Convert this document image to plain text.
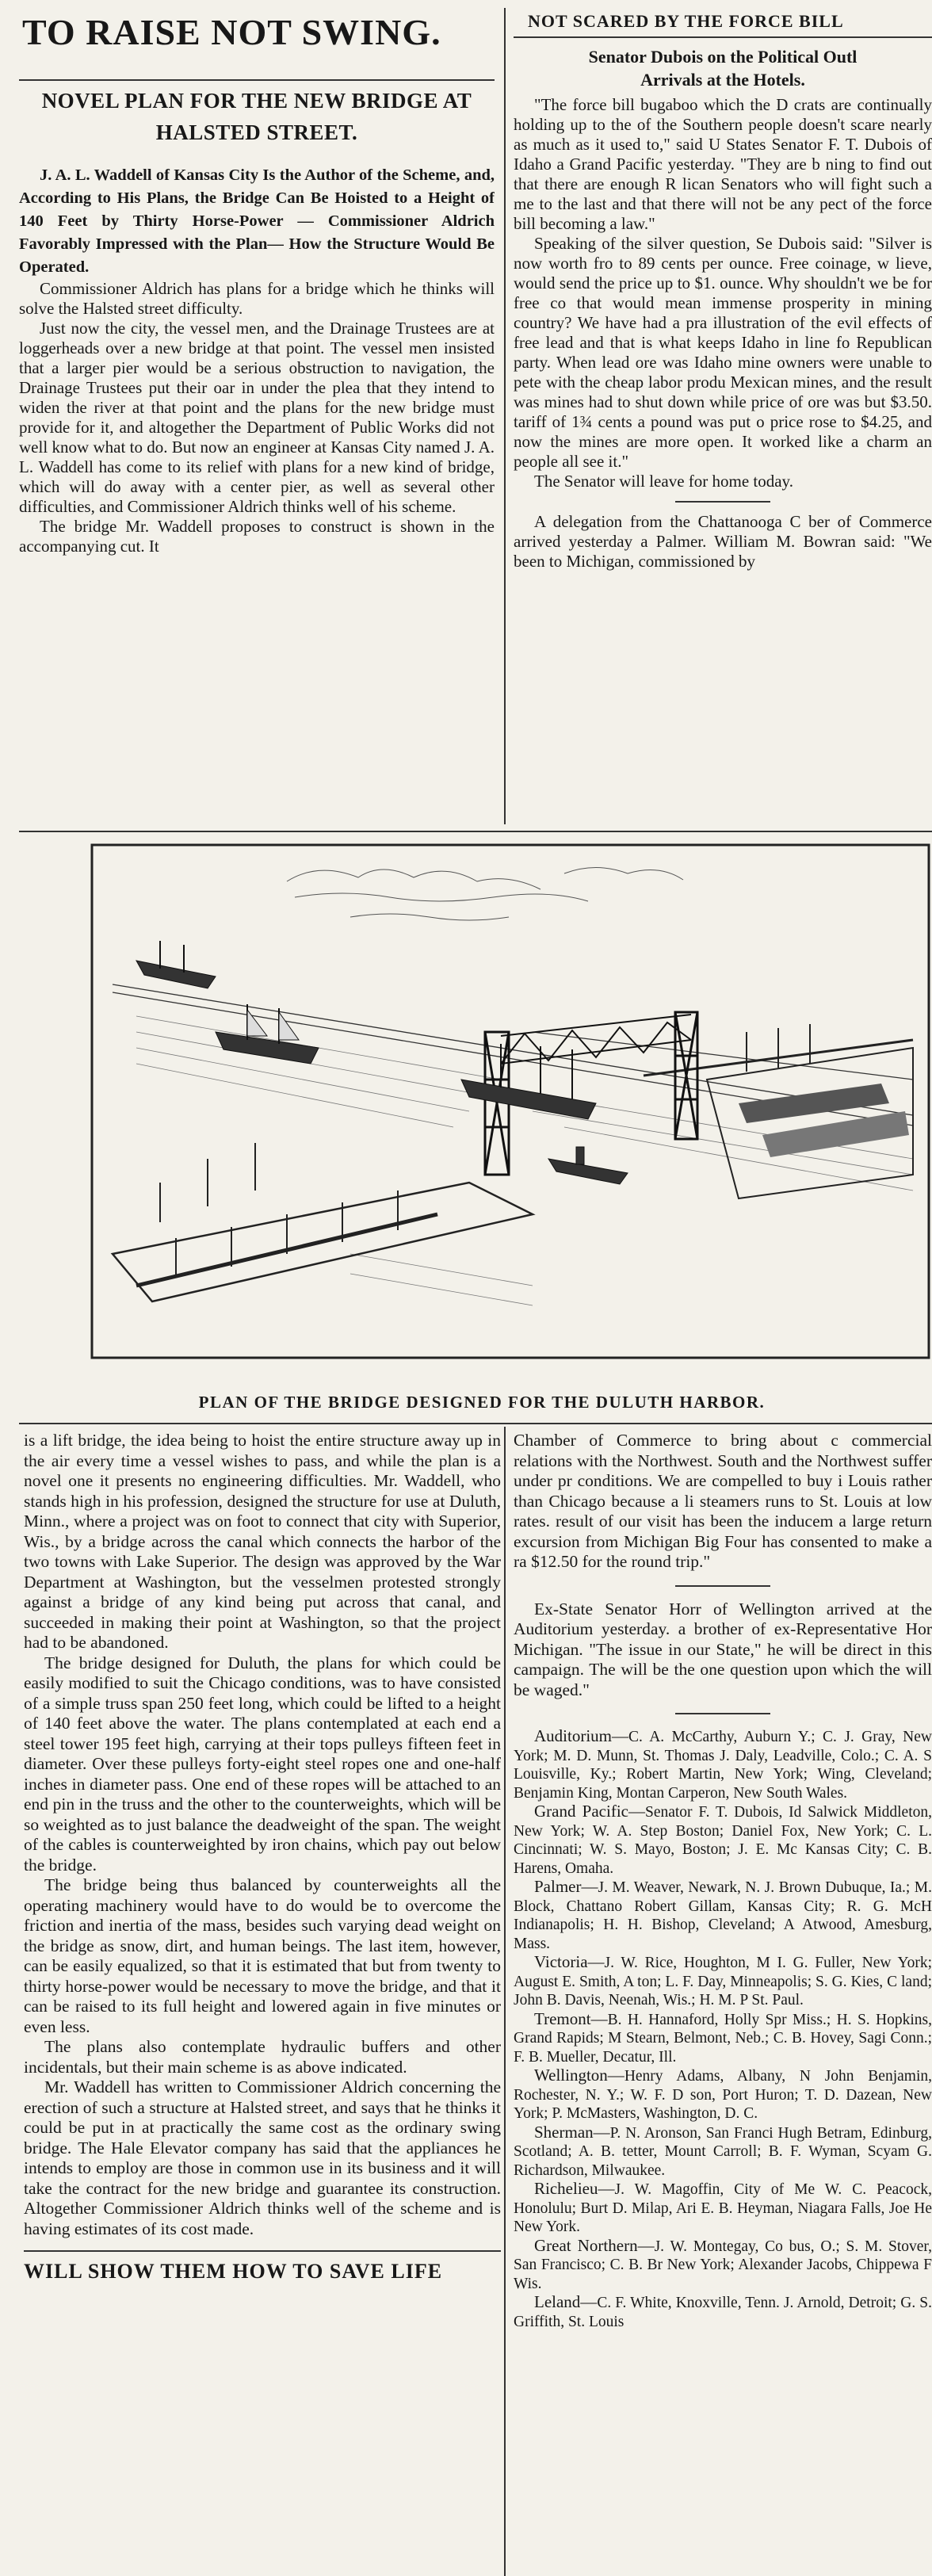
TO RAISE NOT SWING.
NOVEL PLAN FOR THE NEW BRIDGE AT HALSTED STREET.

J. A. L. Waddell of Kansas City Is the Author of the Scheme, and, According to His Plans, the Bridge Can Be Hoisted to a Height of 140 Feet by Thirty Horse-Power — Commissioner Aldrich Favorably Impressed with the Plan— How the Structure Would Be Operated.

Commissioner Aldrich has plans for a bridge which he thinks will solve the Halsted street difficulty.

Just now the city, the vessel men, and the Drainage Trustees are at loggerheads over a new bridge at that point. The vessel men insisted that a larger pier would be a serious obstruction to navigation, the Drainage Trustees put their oar in under the plea that they intend to widen the river at that point and the plans for the new bridge must provide for it, and altogether the Department of Public Works did not well know what to do. But now an engineer at Kansas City named J. A. L. Waddell has come to its relief with plans for a new kind of bridge, which will do away with a center pier, as well as several other difficulties, and Commissioner Aldrich thinks well of his scheme.

The bridge Mr. Waddell proposes to construct is shown in the accompanying cut. It

NOT SCARED BY THE FORCE BILL
Senator Dubois on the Political Outl
Arrivals at the Hotels.

"The force bill bugaboo which the D crats are continually holding up to the of the Southern people doesn't scare nearly as much as it used to," said U States Senator F. T. Dubois of Idaho a Grand Pacific yesterday. "They are b ning to find out that there are enough R lican Senators who will fight such a me to the last and that there will not be any pect of the force bill becoming a law."

Speaking of the silver question, Se Dubois said: "Silver is now worth fro to 89 cents per ounce. Free coinage, w lieve, would send the price up to $1. ounce. Why shouldn't we be for free co that would mean immense prosperity in mining country? We have had a pra illustration of the evil effects of free lead and that is what keeps Idaho in line fo Republican party. When lead ore was Idaho mine owners were unable to pete with the cheap labor produ Mexican mines, and the result was mines had to shut down while price of ore was but $3.50. tariff of 1¾ cents a pound was put o price rose to $4.25, and now the mines are more open. It worked like a charm an people all see it."

The Senator will leave for home today.

A delegation from the Chattanooga C ber of Commerce arrived yesterday a Palmer. William M. Bowran said: "We been to Michigan, commissioned by

PLAN OF THE BRIDGE DESIGNED FOR THE DULUTH HARBOR.

is a lift bridge, the idea being to hoist the entire structure away up in the air every time a vessel wishes to pass, and while the plan is a novel one it presents no engineering difficulties. Mr. Waddell, who stands high in his profession, designed the structure for use at Duluth, Minn., where a project was on foot to connect that city with Superior, Wis., by a bridge across the canal which connects the harbor of the two towns with Lake Superior. The design was approved by the War Department at Washington, but the vesselmen protested strongly against a bridge of any kind being put across that canal, and succeeded in making their point at Washington, so that the project had to be abandoned.

The bridge designed for Duluth, the plans for which could be easily modified to suit the Chicago conditions, was to have consisted of a simple truss span 250 feet long, which could be lifted to a height of 140 feet above the water. The plans contemplated at each end a steel tower 195 feet high, carrying at their tops pulleys fifteen feet in diameter. Over these pulleys forty-eight steel ropes one and one-half inches in diameter pass. One end of these ropes will be attached to an end pin in the truss and the other to the counterweights, which will be so weighted as to just balance the deadweight of the span. The weight of the cables is counterweighted by iron chains, which pay out below the bridge.

The bridge being thus balanced by counterweights all the operating machinery would have to do would be to overcome the friction and inertia of the mass, besides such varying dead weight on the bridge as snow, dirt, and human beings. The last item, however, can be easily equalized, so that it is estimated that but from twenty to thirty horse-power would be necessary to move the bridge, and that it can be raised to its full height and lowered again in five minutes or even less.

The plans also contemplate hydraulic buffers and other incidentals, but their main scheme is as above indicated.

Mr. Waddell has written to Commissioner Aldrich concerning the erection of such a structure at Halsted street, and says that he thinks it could be put in at practically the same cost as the ordinary swing bridge. The Hale Elevator company has said that the appliances he intends to employ are those in common use in its business and it will take the contract for the new bridge and guarantee its construction. Altogether Commissioner Aldrich thinks well of the scheme and is having estimates of its cost made.

WILL SHOW THEM HOW TO SAVE LIFE

Chamber of Commerce to bring about c commercial relations with the Northwest. South and the Northwest suffer under pr conditions. We are compelled to buy i Louis rather than Chicago because a li steamers runs to St. Louis at low rates. result of our visit has been the inducem a large return excursion from Michigan Big Four has consented to make a ra $12.50 for the round trip."

Ex-State Senator Horr of Wellington arrived at the Auditorium yesterday. a brother of ex-Representative Hor Michigan. "The issue in our State," he will be direct in this campaign. The will be the one question upon which the will be waged."

Auditorium—C. A. McCarthy, Auburn Y.; C. J. Gray, New York; M. D. Munn, St. Thomas J. Daly, Leadville, Colo.; C. A. S Louisville, Ky.; Robert Martin, New York; Wing, Cleveland; Benjamin King, Montan Carperon, New South Wales.

Grand Pacific—Senator F. T. Dubois, Id Salwick Middleton, New York; W. A. Step Boston; Daniel Fox, New York; C. L. Cincinnati; W. S. Mayo, Boston; J. E. Mc Kansas City; C. B. Harens, Omaha.

Palmer—J. M. Weaver, Newark, N. J. Brown Dubuque, Ia.; M. Block, Chattano Robert Gillam, Kansas City; R. G. McH Indianapolis; H. H. Bishop, Cleveland; A Atwood, Amesburg, Mass.

Victoria—J. W. Rice, Houghton, M I. G. Fuller, New York; August E. Smith, A ton; L. F. Day, Minneapolis; S. G. Kies, C land; John B. Davis, Neenah, Wis.; H. M. P St. Paul.

Tremont—B. H. Hannaford, Holly Spr Miss.; H. S. Hopkins, Grand Rapids; M Stearn, Belmont, Neb.; C. B. Hovey, Sagi Conn.; F. B. Mueller, Decatur, Ill.

Wellington—Henry Adams, Albany, N John Benjamin, Rochester, N. Y.; W. F. D son, Port Huron; T. D. Dazean, New York; P. McMasters, Washington, D. C.

Sherman—P. N. Aronson, San Franci Hugh Betram, Edinburg, Scotland; A. B. tetter, Mount Carroll; B. F. Wyman, Scyam G. Richardson, Milwaukee.

Richelieu—J. W. Magoffin, City of Me W. C. Peacock, Honolulu; Burt D. Milap, Ari E. B. Heyman, Niagara Falls, Joe He New York.

Great Northern—J. W. Montegay, Co bus, O.; S. M. Stover, San Francisco; C. B. Br New York; Alexander Jacobs, Chippewa F Wis.

Leland—C. F. White, Knoxville, Tenn. J. Arnold, Detroit; G. S. Griffith, St. Louis
